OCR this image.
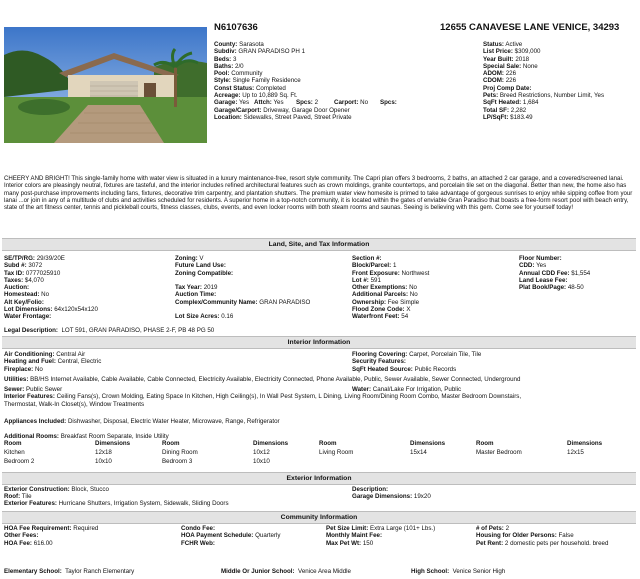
N6107636	12655 CANAVESE LANE VENICE, 34293
County: Sarasota
Subdiv: GRAN PARADISO PH 1
Beds: 3
Baths: 2/0
Pool: Community
Style: Single Family Residence
Const Status: Completed
Acreage: Up to 10,889 Sq. Ft.
Garage: Yes Attch: Yes Spcs: 2	Carport: No Spcs:
Garage/Carport: Driveway, Garage Door Opener
Location: Sidewalks, Street Paved, Street Private
Status: Active
List Price: $309,000
Year Built: 2018
Special Sale: None
ADOM: 226
CDOM: 226
Proj Comp Date:
Pets: Breed Restrictions, Number Limit, Yes
SqFt Heated: 1,684
Total SF: 2,282
LP/SqFt: $183.49
CHEERY AND BRIGHT! This single-family home with water view is situated in a luxury maintenance-free, resort style community. The Capri plan offers 3 bedrooms, 2 baths, an attached 2 car garage, and a covered/screened lanai. Interior colors are pleasingly neutral, fixtures are tasteful, and the interior includes refined architectural features such as crown moldings, granite countertops, and porcelain tile set on the diagonal. Better than new, the home also has many post-purchase improvements including fans, fixtures, decorative trim carpentry, and plantation shutters. The premium water view homesite is primed to take advantage of gorgeous sunrises to enjoy while sipping coffee from your lanai ...or join in any of a multitude of clubs and activities scheduled for residents. A superior home in a top-notch community, it is located within the gates of enviable Gran Paradiso that boasts a free-form resort pool with beach entry, state of the art fitness center, tennis and pickleball courts, fitness classes, clubs, events, and even locker rooms with both steam rooms and saunas. Seeing is believing with this gem. Come see for yourself today!
Land, Site, and Tax Information
SE/TP/RG: 29/39/20E
Subd #: 3072
Tax ID: 0777025910
Taxes: $4,070
Auction:
Homestead: No
Alt Key/Folio:
Lot Dimensions: 64x120x54x120
Water Frontage:
Zoning: V
Future Land Use:
Zoning Compatible:
Tax Year: 2019
Auction Time:
Complex/Community Name: GRAN PARADISO
Lot Size Acres: 0.16
Section #:
Block/Parcel: 1
Front Exposure: Northwest
Lot #: 591
Other Exemptions: No
Additional Parcels: No
Ownership: Fee Simple
Flood Zone Code: X
Waterfront Feet: 54
Floor Number:
CDD: Yes
Annual CDD Fee: $1,554
Land Lease Fee:
Plat Book/Page: 48-50
Legal Description: LOT 591, GRAN PARADISO, PHASE 2-F, PB 48 PG 50
Interior Information
Air Conditioning: Central Air
Heating and Fuel: Central, Electric
Fireplace: No
Flooring Covering: Carpet, Porcelain Tile, Tile
Security Features:
SqFt Heated Source: Public Records
Utilities: BB/HS Internet Available, Cable Available, Cable Connected, Electricity Available, Electricity Connected, Phone Available, Public, Sewer Available, Sewer Connected, Underground
Sewer: Public Sewer	Water: Canal/Lake For Irrigation, Public
Interior Features: Ceiling Fans(s), Crown Molding, Eating Space In Kitchen, High Ceiling(s), In Wall Pest System, L Dining, Living Room/Dining Room Combo, Master Bedroom Downstairs, Thermostat, Walk-In Closet(s), Window Treatments
Appliances Included: Dishwasher, Disposal, Electric Water Heater, Microwave, Range, Refrigerator
Additional Rooms: Breakfast Room Separate, Inside Utility
Room	Dimensions	Room	Dimensions	Room	Dimensions	Room	Dimensions
Kitchen	12x18	Dining Room	10x12	Living Room	15x14	Master Bedroom	12x15
Bedroom 2	10x10	Bedroom 3	10x10
Exterior Information
Exterior Construction: Block, Stucco
Roof: Tile
Exterior Features: Hurricane Shutters, Irrigation System, Sidewalk, Sliding Doors
Description:
Garage Dimensions: 19x20
Community Information
HOA Fee Requirement: Required
Other Fees:
HOA Fee: 616.00
Condo Fee:
HOA Payment Schedule: Quarterly
FCHR Web:
Pet Size Limit: Extra Large (101+ Lbs.)
Monthly Maint Fee:
Max Pet Wt: 150
# of Pets: 2
Housing for Older Persons: False
Pet Rent: 2 domestic pets per household. breed
Elementary School: Taylor Ranch Elementary	Middle Or Junior School: Venice Area Middle	High School: Venice Senior High
